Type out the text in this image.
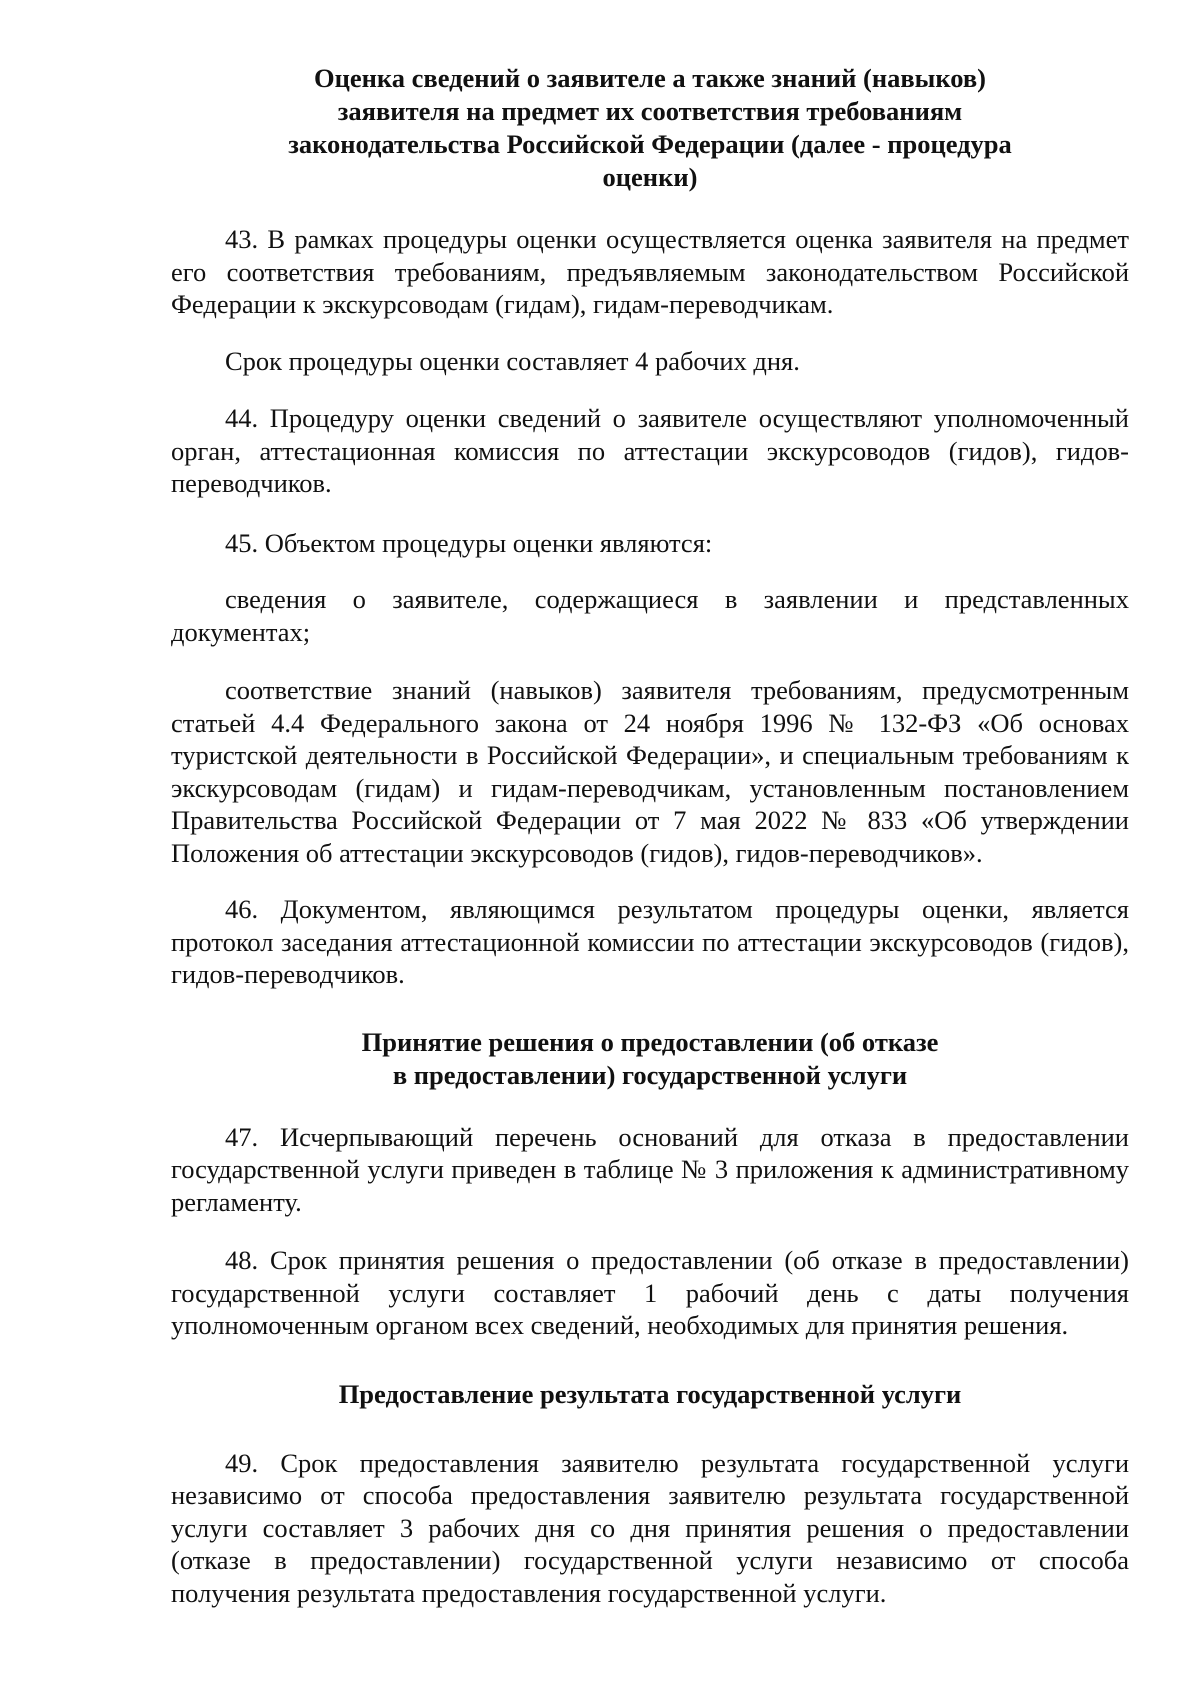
Оценка сведений о заявителе а также знаний (навыков)
заявителя на предмет их соответствия требованиям
законодательства Российской Федерации (далее - процедура
оценки)

43. В рамках процедуры оценки осуществляется оценка заявителя на предмет его соответствия требованиям, предъявляемым законодательством Российской Федерации к экскурсоводам (гидам), гидам-переводчикам.

Срок процедуры оценки составляет 4 рабочих дня.

44. Процедуру оценки сведений о заявителе осуществляют уполномоченный орган, аттестационная комиссия по аттестации экскурсоводов (гидов), гидов-переводчиков.

45. Объектом процедуры оценки являются:

сведения о заявителе, содержащиеся в заявлении и представленных документах;

соответствие знаний (навыков) заявителя требованиям, предусмотренным статьей 4.4 Федерального закона от 24 ноября 1996 № 132-ФЗ «Об основах туристской деятельности в Российской Федерации», и специальным требованиям к экскурсоводам (гидам) и гидам-переводчикам, установленным постановлением Правительства Российской Федерации от 7 мая 2022 № 833 «Об утверждении Положения об аттестации экскурсоводов (гидов), гидов-переводчиков».

46. Документом, являющимся результатом процедуры оценки, является протокол заседания аттестационной комиссии по аттестации экскурсоводов (гидов), гидов-переводчиков.

Принятие решения о предоставлении (об отказе
в предоставлении) государственной услуги

47. Исчерпывающий перечень оснований для отказа в предоставлении государственной услуги приведен в таблице № 3 приложения к административному регламенту.

48. Срок принятия решения о предоставлении (об отказе в предоставлении) государственной услуги составляет 1 рабочий день с даты получения уполномоченным органом всех сведений, необходимых для принятия решения.

Предоставление результата государственной услуги

49. Срок предоставления заявителю результата государственной услуги независимо от способа предоставления заявителю результата государственной услуги составляет 3 рабочих дня со дня принятия решения о предоставлении (отказе в предоставлении) государственной услуги независимо от способа получения результата предоставления государственной услуги.
